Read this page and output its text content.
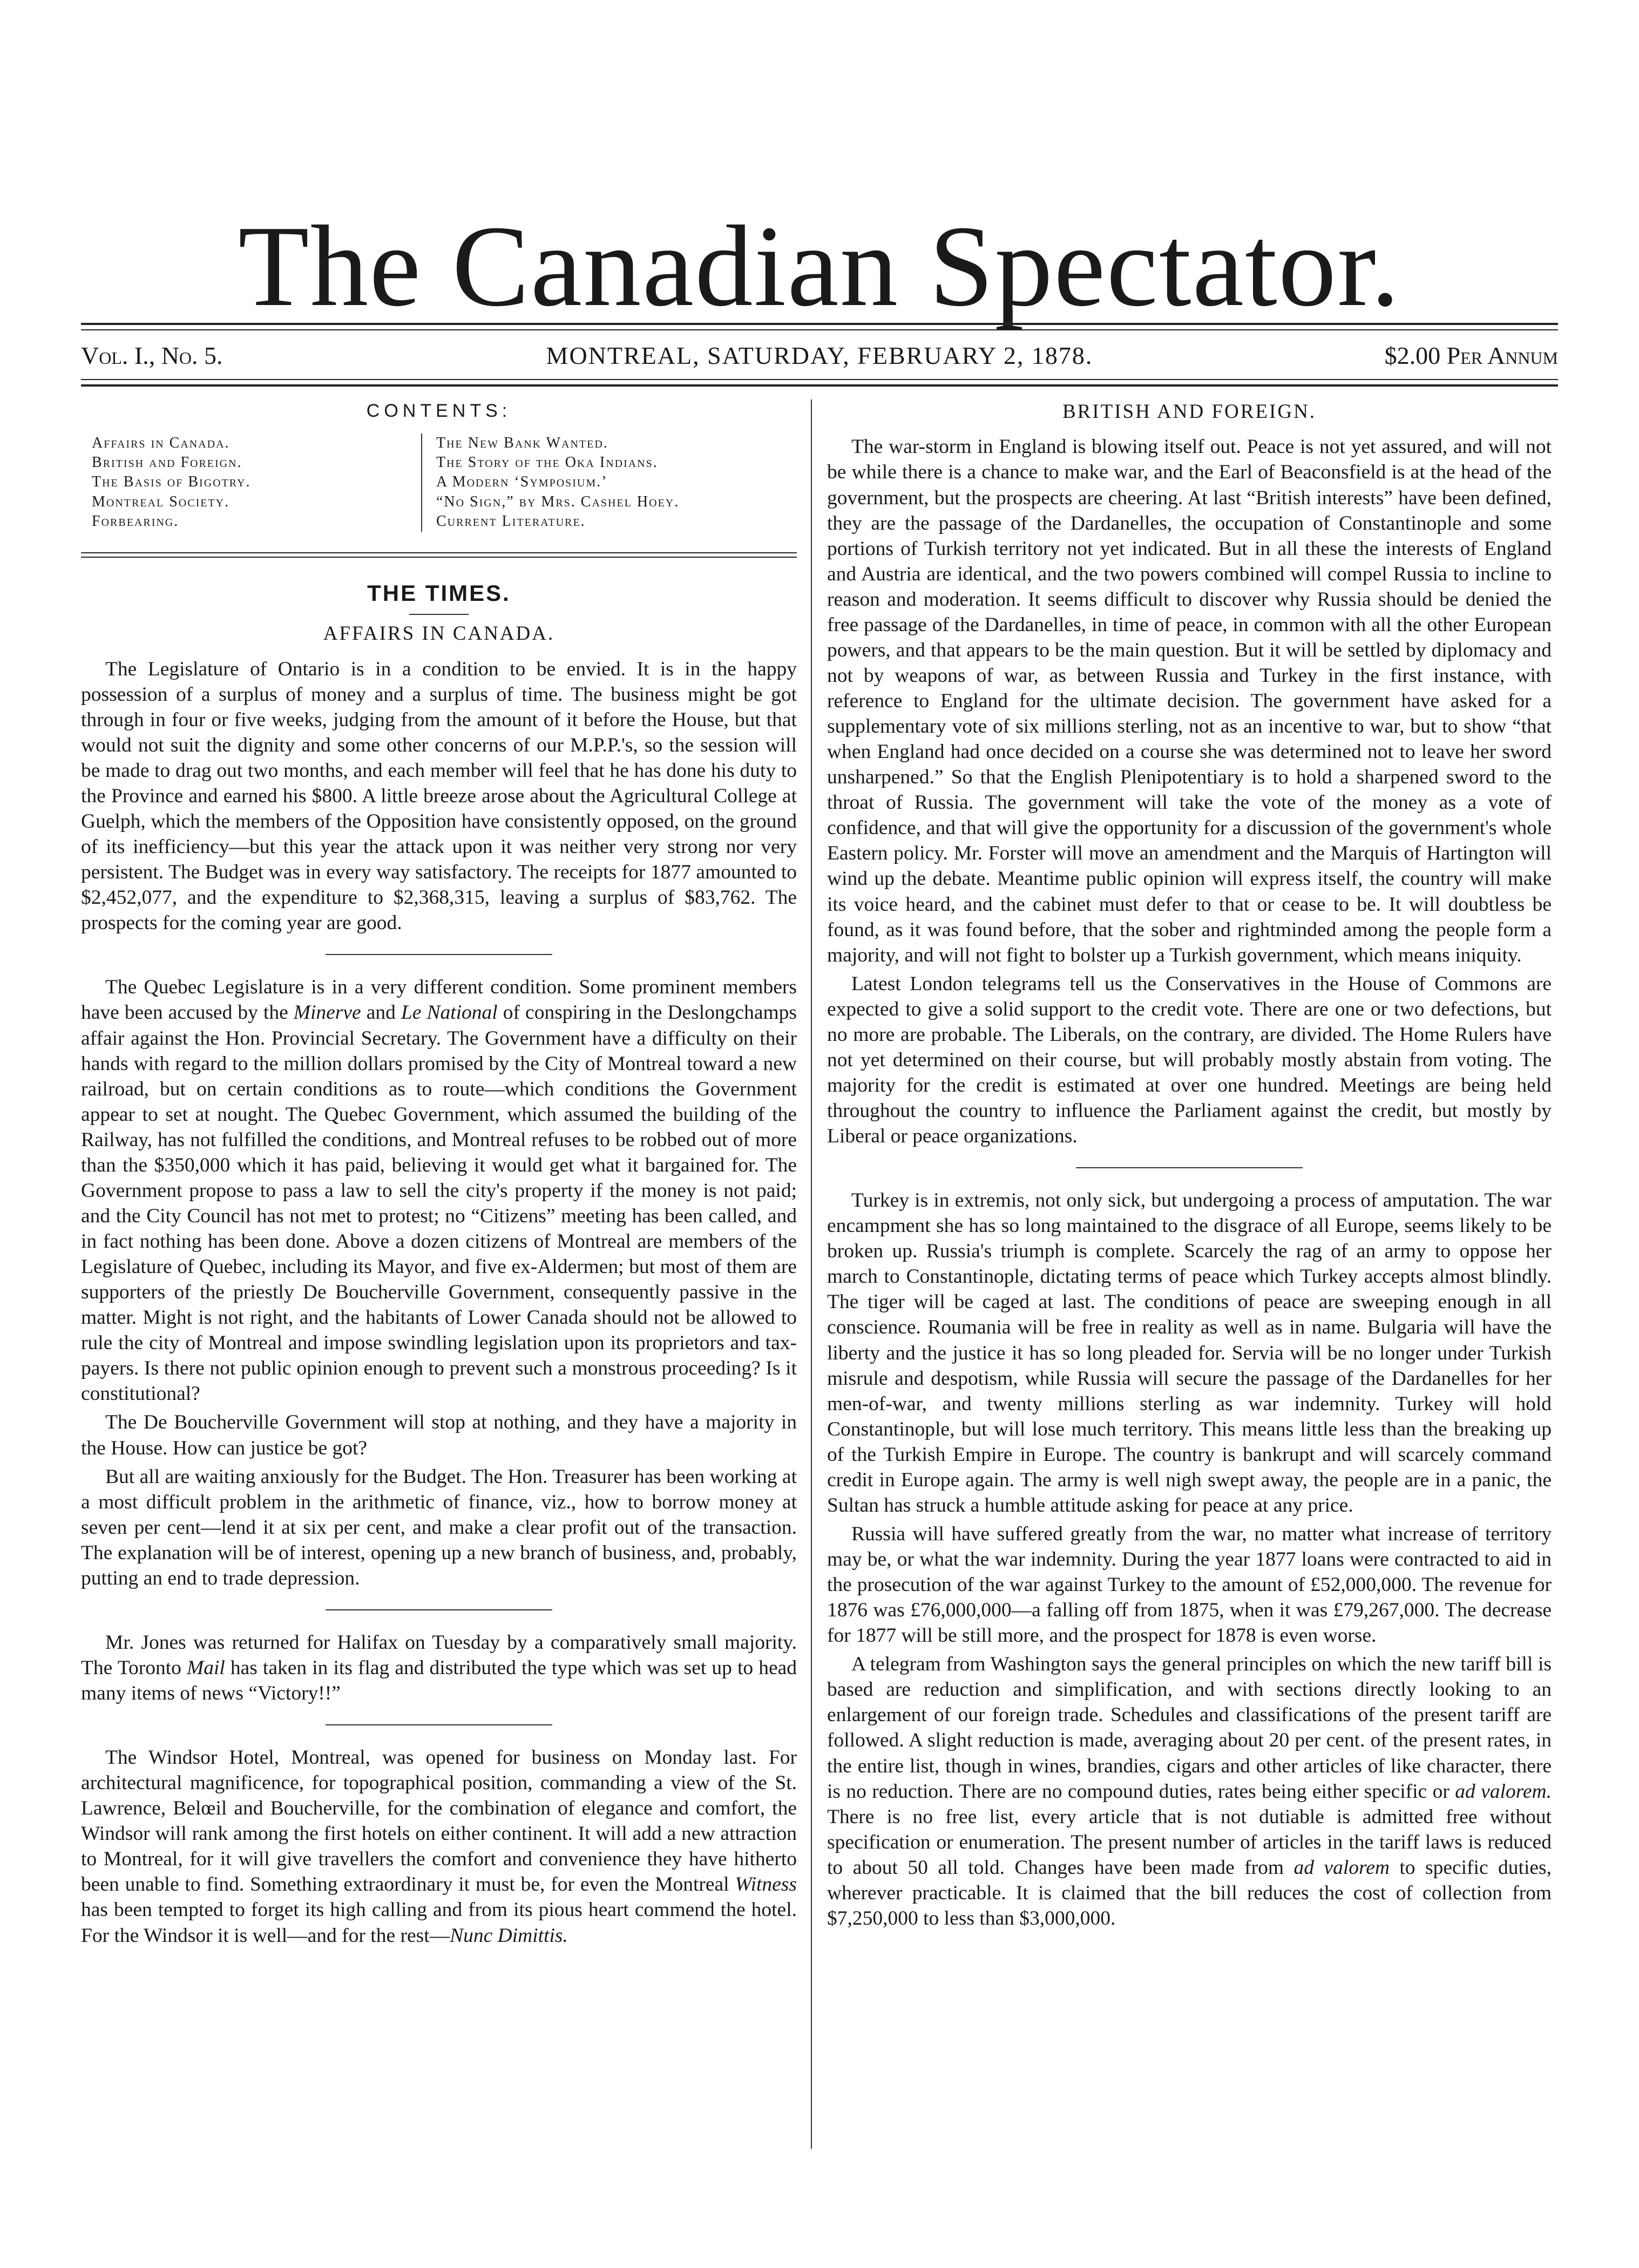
The Canadian Spectator.
Vol. I., No. 5.	MONTREAL, SATURDAY, FEBRUARY 2, 1878.	$2.00 Per Annum
CONTENTS:
Affairs in Canada.
British and Foreign.
The Basis of Bigotry.
Montreal Society.
Forbearing.
The New Bank Wanted.
The Story of the Oka Indians.
A Modern ‘Symposium.’
“No Sign,” by Mrs. Cashel Hoey.
Current Literature.
THE TIMES.
AFFAIRS IN CANADA.

The Legislature of Ontario is in a condition to be envied. It is in the happy possession of a surplus of money and a surplus of time. The business might be got through in four or five weeks, judging from the amount of it before the House, but that would not suit the dignity and some other concerns of our M.P.P.'s, so the session will be made to drag out two months, and each member will feel that he has done his duty to the Province and earned his $800. A little breeze arose about the Agricultural College at Guelph, which the members of the Opposition have consistently opposed, on the ground of its inefficiency—but this year the attack upon it was neither very strong nor very persistent. The Budget was in every way satisfactory. The receipts for 1877 amounted to $2,452,077, and the expenditure to $2,368,315, leaving a surplus of $83,762. The prospects for the coming year are good.

The Quebec Legislature is in a very different condition. Some prominent members have been accused by the Minerve and Le National of conspiring in the Deslongchamps affair against the Hon. Provincial Secretary. The Government have a difficulty on their hands with regard to the million dollars promised by the City of Montreal toward a new railroad, but on certain conditions as to route—which conditions the Government appear to set at nought. The Quebec Government, which assumed the building of the Railway, has not fulfilled the conditions, and Montreal refuses to be robbed out of more than the $350,000 which it has paid, believing it would get what it bargained for. The Government propose to pass a law to sell the city's property if the money is not paid; and the City Council has not met to protest; no “Citizens” meeting has been called, and in fact nothing has been done. Above a dozen citizens of Montreal are members of the Legislature of Quebec, including its Mayor, and five ex-Aldermen; but most of them are supporters of the priestly De Boucherville Government, consequently passive in the matter. Might is not right, and the habitants of Lower Canada should not be allowed to rule the city of Montreal and impose swindling legislation upon its proprietors and tax-payers. Is there not public opinion enough to prevent such a monstrous proceeding? Is it constitutional?

The De Boucherville Government will stop at nothing, and they have a majority in the House. How can justice be got?

But all are waiting anxiously for the Budget. The Hon. Treasurer has been working at a most difficult problem in the arithmetic of finance, viz., how to borrow money at seven per cent—lend it at six per cent, and make a clear profit out of the transaction. The explanation will be of interest, opening up a new branch of business, and, probably, putting an end to trade depression.

Mr. Jones was returned for Halifax on Tuesday by a comparatively small majority. The Toronto Mail has taken in its flag and distributed the type which was set up to head many items of news “Victory!!”

The Windsor Hotel, Montreal, was opened for business on Monday last. For architectural magnificence, for topographical position, commanding a view of the St. Lawrence, Belœil and Boucherville, for the combination of elegance and comfort, the Windsor will rank among the first hotels on either continent. It will add a new attraction to Montreal, for it will give travellers the comfort and convenience they have hitherto been unable to find. Something extraordinary it must be, for even the Montreal Witness has been tempted to forget its high calling and from its pious heart commend the hotel. For the Windsor it is well—and for the rest—Nunc Dimittis.

BRITISH AND FOREIGN.

The war-storm in England is blowing itself out. Peace is not yet assured, and will not be while there is a chance to make war, and the Earl of Beaconsfield is at the head of the government, but the prospects are cheering. At last “British interests” have been defined, they are the passage of the Dardanelles, the occupation of Constantinople and some portions of Turkish territory not yet indicated. But in all these the interests of England and Austria are identical, and the two powers combined will compel Russia to incline to reason and moderation. It seems difficult to discover why Russia should be denied the free passage of the Dardanelles, in time of peace, in common with all the other European powers, and that appears to be the main question. But it will be settled by diplomacy and not by weapons of war, as between Russia and Turkey in the first instance, with reference to England for the ultimate decision. The government have asked for a supplementary vote of six millions sterling, not as an incentive to war, but to show “that when England had once decided on a course she was determined not to leave her sword unsharpened.” So that the English Plenipotentiary is to hold a sharpened sword to the throat of Russia. The government will take the vote of the money as a vote of confidence, and that will give the opportunity for a discussion of the government's whole Eastern policy. Mr. Forster will move an amendment and the Marquis of Hartington will wind up the debate. Meantime public opinion will express itself, the country will make its voice heard, and the cabinet must defer to that or cease to be. It will doubtless be found, as it was found before, that the sober and rightminded among the people form a majority, and will not fight to bolster up a Turkish government, which means iniquity.

Latest London telegrams tell us the Conservatives in the House of Commons are expected to give a solid support to the credit vote. There are one or two defections, but no more are probable. The Liberals, on the contrary, are divided. The Home Rulers have not yet determined on their course, but will probably mostly abstain from voting. The majority for the credit is estimated at over one hundred. Meetings are being held throughout the country to influence the Parliament against the credit, but mostly by Liberal or peace organizations.

Turkey is in extremis, not only sick, but undergoing a process of amputation. The war encampment she has so long maintained to the disgrace of all Europe, seems likely to be broken up. Russia's triumph is complete. Scarcely the rag of an army to oppose her march to Constantinople, dictating terms of peace which Turkey accepts almost blindly. The tiger will be caged at last. The conditions of peace are sweeping enough in all conscience. Roumania will be free in reality as well as in name. Bulgaria will have the liberty and the justice it has so long pleaded for. Servia will be no longer under Turkish misrule and despotism, while Russia will secure the passage of the Dardanelles for her men-of-war, and twenty millions sterling as war indemnity. Turkey will hold Constantinople, but will lose much territory. This means little less than the breaking up of the Turkish Empire in Europe. The country is bankrupt and will scarcely command credit in Europe again. The army is well nigh swept away, the people are in a panic, the Sultan has struck a humble attitude asking for peace at any price.

Russia will have suffered greatly from the war, no matter what increase of territory may be, or what the war indemnity. During the year 1877 loans were contracted to aid in the prosecution of the war against Turkey to the amount of £52,000,000. The revenue for 1876 was £76,000,000—a falling off from 1875, when it was £79,267,000. The decrease for 1877 will be still more, and the prospect for 1878 is even worse.

A telegram from Washington says the general principles on which the new tariff bill is based are reduction and simplification, and with sections directly looking to an enlargement of our foreign trade. Schedules and classifications of the present tariff are followed. A slight reduction is made, averaging about 20 per cent. of the present rates, in the entire list, though in wines, brandies, cigars and other articles of like character, there is no reduction. There are no compound duties, rates being either specific or ad valorem. There is no free list, every article that is not dutiable is admitted free without specification or enumeration. The present number of articles in the tariff laws is reduced to about 50 all told. Changes have been made from ad valorem to specific duties, wherever practicable. It is claimed that the bill reduces the cost of collection from $7,250,000 to less than $3,000,000.
